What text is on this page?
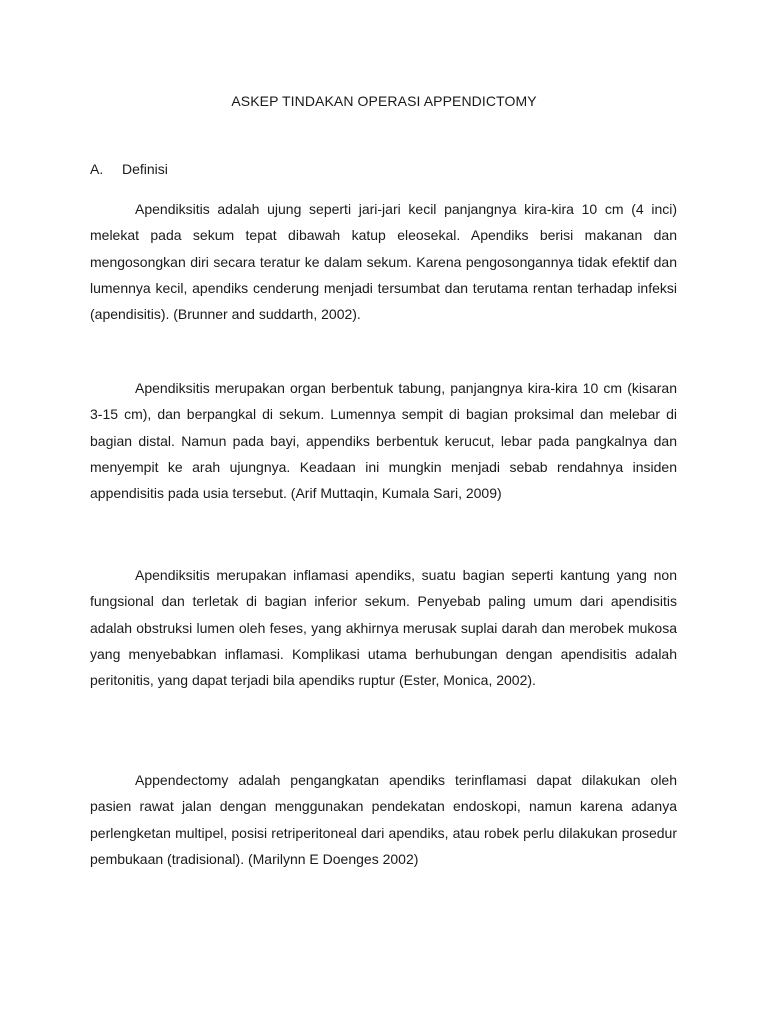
ASKEP TINDAKAN OPERASI APPENDICTOMY
A. Definisi

Apendiksitis adalah ujung seperti jari-jari kecil panjangnya kira-kira 10 cm (4 inci) melekat pada sekum tepat dibawah katup eleosekal. Apendiks berisi makanan dan mengosongkan diri secara teratur ke dalam sekum. Karena pengosongannya tidak efektif dan lumennya kecil, apendiks cenderung menjadi tersumbat dan terutama rentan terhadap infeksi (apendisitis). (Brunner and suddarth, 2002).

Apendiksitis merupakan organ berbentuk tabung, panjangnya kira-kira 10 cm (kisaran 3-15 cm), dan berpangkal di sekum. Lumennya sempit di bagian proksimal dan melebar di bagian distal. Namun pada bayi, appendiks berbentuk kerucut, lebar pada pangkalnya dan menyempit ke arah ujungnya. Keadaan ini mungkin menjadi sebab rendahnya insiden appendisitis pada usia tersebut. (Arif Muttaqin, Kumala Sari, 2009)

Apendiksitis merupakan inflamasi apendiks, suatu bagian seperti kantung yang non fungsional dan terletak di bagian inferior sekum. Penyebab paling umum dari apendisitis adalah obstruksi lumen oleh feses, yang akhirnya merusak suplai darah dan merobek mukosa yang menyebabkan inflamasi. Komplikasi utama berhubungan dengan apendisitis adalah peritonitis, yang dapat terjadi bila apendiks ruptur (Ester, Monica, 2002).

Appendectomy adalah pengangkatan apendiks terinflamasi dapat dilakukan oleh pasien rawat jalan dengan menggunakan pendekatan endoskopi, namun karena adanya perlengketan multipel, posisi retriperitoneal dari apendiks, atau robek perlu dilakukan prosedur pembukaan (tradisional). (Marilynn E Doenges 2002)
